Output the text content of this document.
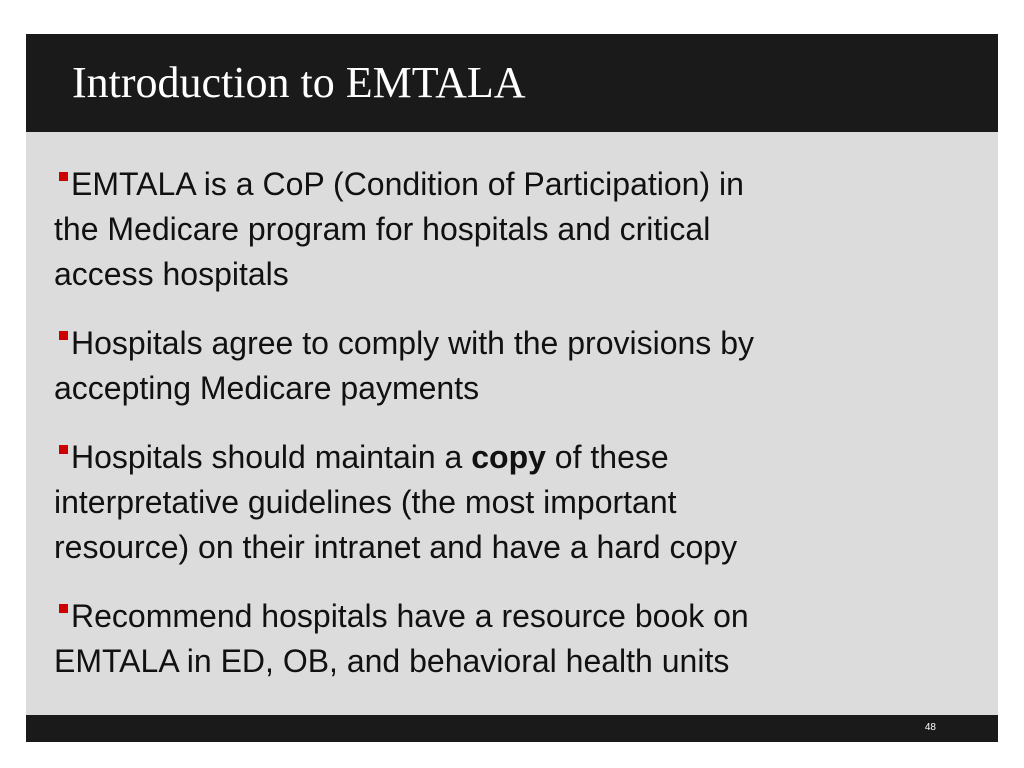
Introduction to EMTALA
EMTALA is a CoP (Condition of Participation) in
the Medicare program for hospitals and critical
access hospitals
Hospitals agree to comply with the provisions by
accepting Medicare payments
Hospitals should maintain a copy of these
interpretative guidelines (the most important
resource) on their intranet and have a hard copy
Recommend hospitals have a resource book on
EMTALA in ED, OB, and behavioral health units
48
